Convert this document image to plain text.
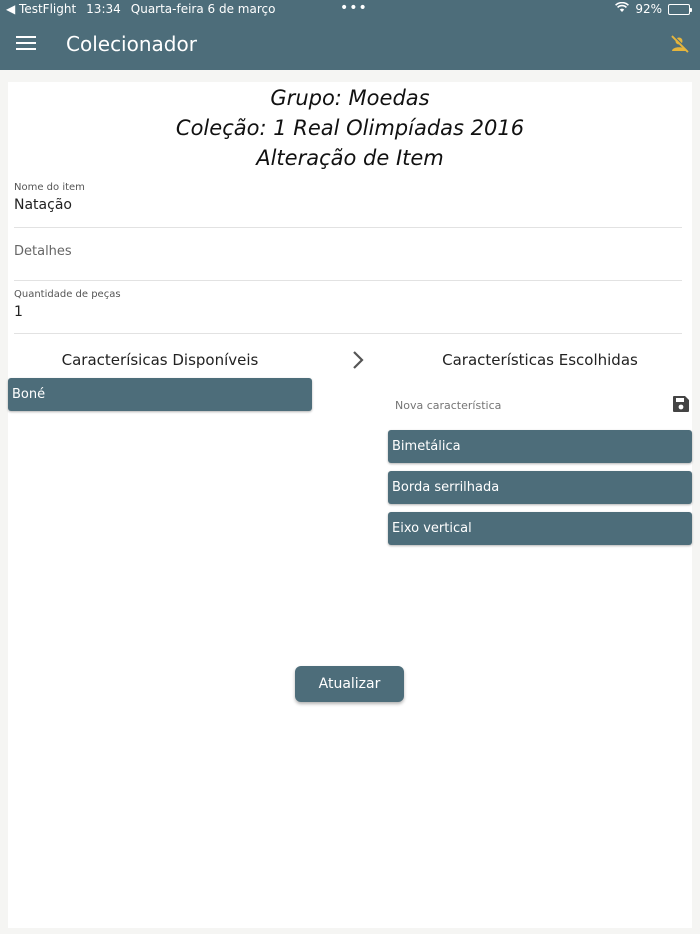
◀ TestFlight 13:34 Quarta-feira 6 de março	•••	92%
Colecionador
Grupo: Moedas
Coleção: 1 Real Olimpíadas 2016
Alteração de Item
Nome do item
Natação
Detalhes
Quantidade de peças
1
Caracterísicas Disponíveis	Características Escolhidas
Boné
Nova característica
Bimetálica
Borda serrilhada
Eixo vertical
Atualizar
